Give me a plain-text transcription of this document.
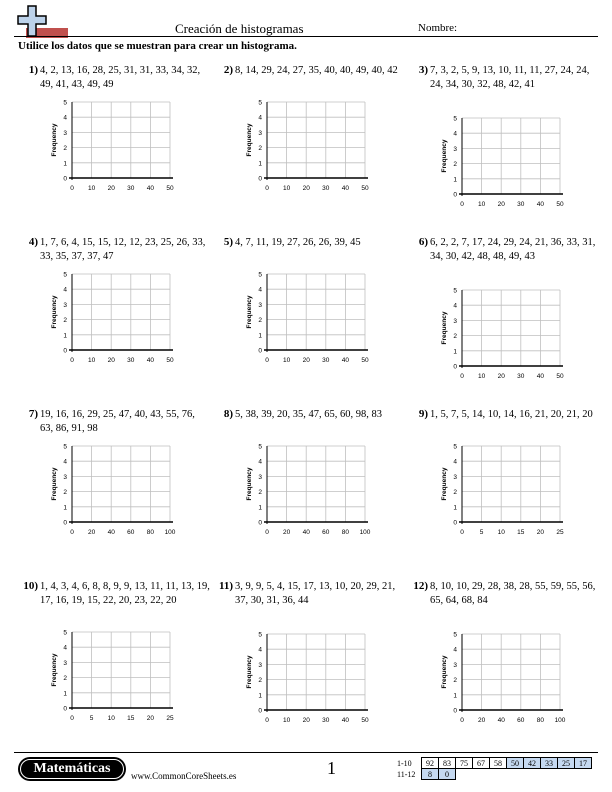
Creación de histogramas	Nombre:
Utilice los datos que se muestran para crear un histograma.
1) 4, 2, 13, 16, 28, 25, 31, 31, 33, 34, 32, 49, 41, 43, 49, 49
0
1
2
3
4
5
0 10 20 30 40 50
Frequency
2) 8, 14, 29, 24, 27, 35, 40, 40, 49, 40, 42
0
1
2
3
4
5
0 10 20 30 40 50
Frequency
3) 7, 3, 2, 5, 9, 13, 10, 11, 11, 27, 24, 24, 24, 34, 30, 32, 48, 42, 41
0
1
2
3
4
5
0 10 20 30 40 50
Frequency
4) 1, 7, 6, 4, 15, 15, 12, 12, 23, 25, 26, 33, 33, 35, 37, 37, 47
0
1
2
3
4
5
0 10 20 30 40 50
Frequency
5) 4, 7, 11, 19, 27, 26, 26, 39, 45
0
1
2
3
4
5
0 10 20 30 40 50
Frequency
6) 6, 2, 2, 7, 17, 24, 29, 24, 21, 36, 33, 31, 34, 30, 42, 48, 48, 49, 43
0
1
2
3
4
5
0 10 20 30 40 50
Frequency
7) 19, 16, 16, 29, 25, 47, 40, 43, 55, 76, 63, 86, 91, 98
0
1
2
3
4
5
0 20 40 60 80 100
Frequency
8) 5, 38, 39, 20, 35, 47, 65, 60, 98, 83
0
1
2
3
4
5
0 20 40 60 80 100
Frequency
9) 1, 5, 7, 5, 14, 10, 14, 16, 21, 20, 21, 20
0
1
2
3
4
5
0 5 10 15 20 25
Frequency
10) 1, 4, 3, 4, 6, 8, 8, 9, 9, 13, 11, 11, 13, 19, 17, 16, 19, 15, 22, 20, 23, 22, 20
0
1
2
3
4
5
0 5 10 15 20 25
Frequency
11) 3, 9, 9, 5, 4, 15, 17, 13, 10, 20, 29, 21, 37, 30, 31, 36, 44
0
1
2
3
4
5
0 10 20 30 40 50
Frequency
12) 8, 10, 10, 29, 28, 38, 28, 55, 59, 55, 56, 65, 64, 68, 84
0
1
2
3
4
5
0 20 40 60 80 100
Frequency
Matemáticas	www.CommonCoreSheets.es	1	1-10	92	83	75	67	58	50	42	33	25	17
11-12	8	0								
